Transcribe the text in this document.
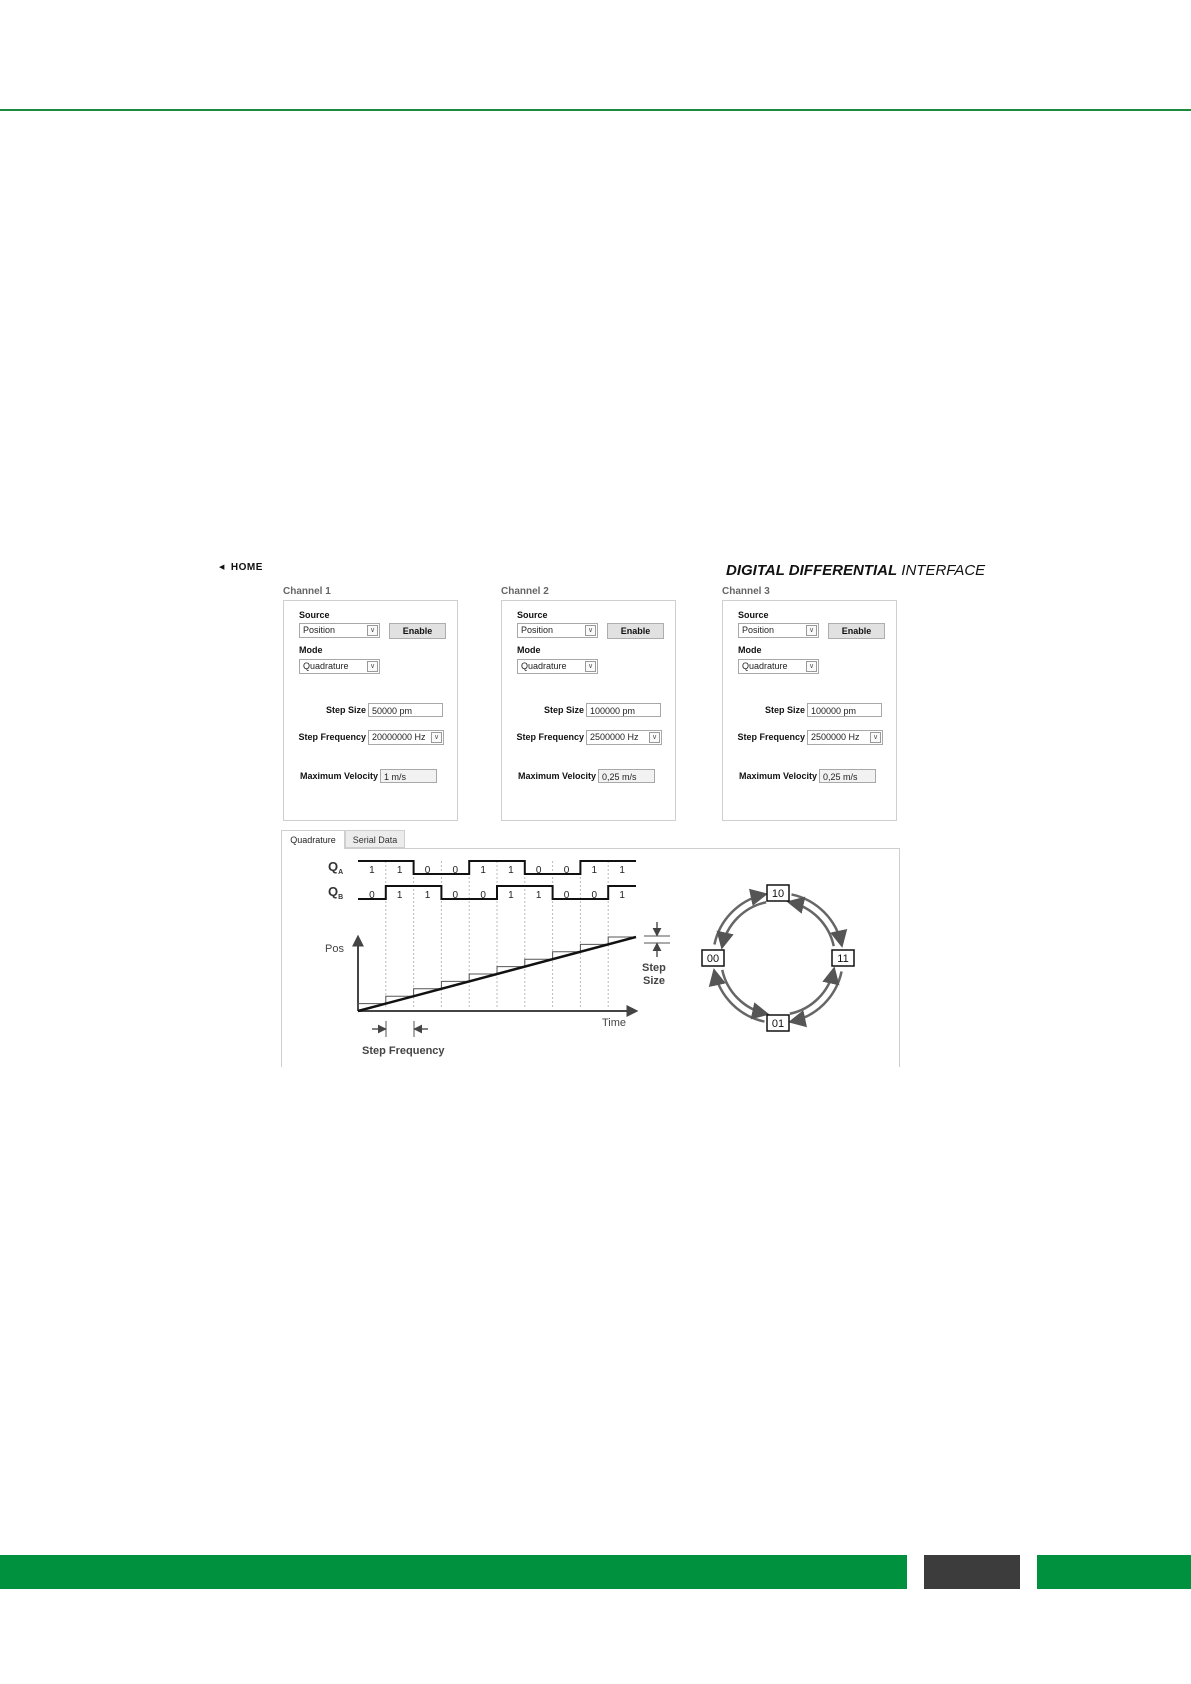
◀ HOME	DIGITAL DIFFERENTIAL INTERFACE
Channel 1
Source
Position	∨	Enable
Mode
Quadrature	∨
Step Size 50000 pm
Step Frequency 20000000 Hz	∨
Maximum Velocity 1 m/s
Channel 2
Source
Position	∨	Enable
Mode
Quadrature	∨
Step Size 100000 pm
Step Frequency 2500000 Hz	∨
Maximum Velocity 0,25 m/s
Channel 3
Source
Position	∨	Enable
Mode
Quadrature	∨
Step Size 100000 pm
Step Frequency 2500000 Hz	∨
Maximum Velocity 0,25 m/s
Quadrature	Serial Data
$Q_A$
$Q_B$
Pos
Time
Step
Size
Step Frequency
1 1 0 0 1 1 0 0 1 1
0 1 1 0 0 1 1 0 0 1	10
11
01
00
